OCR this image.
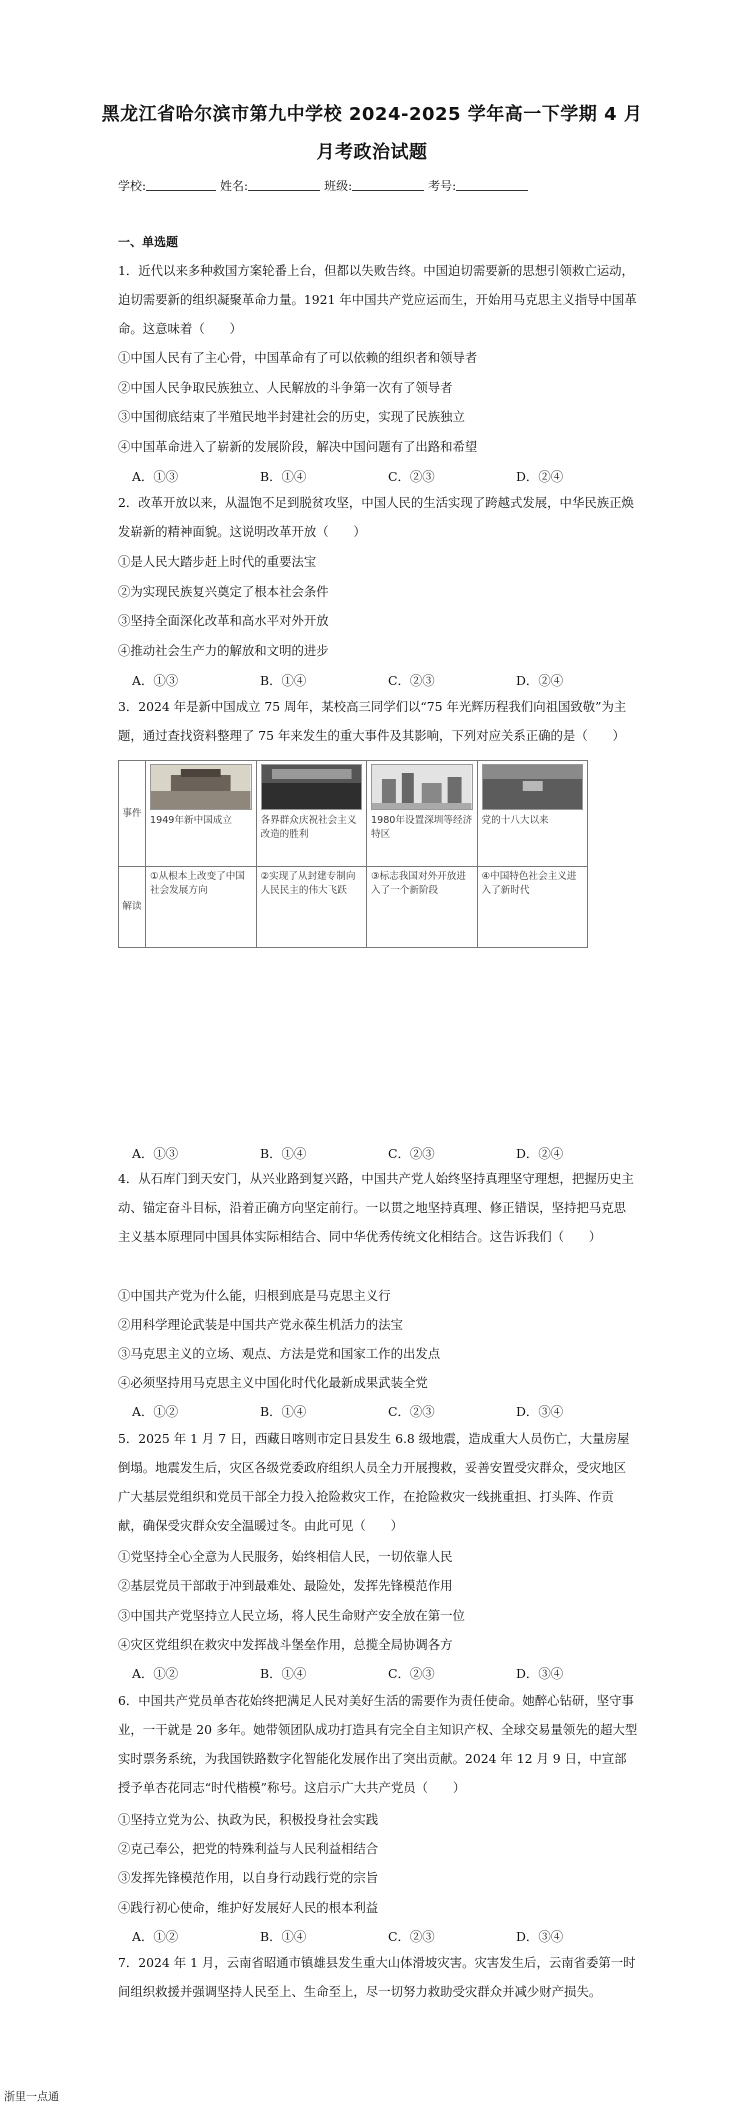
黑龙江省哈尔滨市第九中学校 2024-2025 学年高一下学期 4 月
月考政治试题
学校:	姓名:	班级:	考号:
一、单选题
1．近代以来多种救国方案轮番上台，但都以失败告终。中国迫切需要新的思想引领救亡运动，迫切需要新的组织凝聚革命力量。1921 年中国共产党应运而生，开始用马克思主义指导中国革命。这意味着（　　）
①中国人民有了主心骨，中国革命有了可以依赖的组织者和领导者
②中国人民争取民族独立、人民解放的斗争第一次有了领导者
③中国彻底结束了半殖民地半封建社会的历史，实现了民族独立
④中国革命进入了崭新的发展阶段，解决中国问题有了出路和希望
A．①③	B．①④	C．②③	D．②④
2．改革开放以来，从温饱不足到脱贫攻坚，中国人民的生活实现了跨越式发展，中华民族正焕发崭新的精神面貌。这说明改革开放（　　）
①是人民大踏步赶上时代的重要法宝
②为实现民族复兴奠定了根本社会条件
③坚持全面深化改革和高水平对外开放
④推动社会生产力的解放和文明的进步
A．①③	B．①④	C．②③	D．②④
3．2024 年是新中国成立 75 周年，某校高三同学们以“75 年光辉历程我们向祖国致敬”为主题，通过查找资料整理了 75 年来发生的重大事件及其影响，下列对应关系正确的是（　　）
事件	1949年新中国成立	各界群众庆祝社会主义改造的胜利	1980年设置深圳等经济特区	党的十八大以来

解读	①从根本上改变了中国社会发展方向	②实现了从封建专制向人民民主的伟大飞跃	③标志我国对外开放进入了一个新阶段	④中国特色社会主义进入了新时代
A．①③	B．①④	C．②③	D．②④
4．从石库门到天安门，从兴业路到复兴路，中国共产党人始终坚持真理坚守理想，把握历史主动、锚定奋斗目标，沿着正确方向坚定前行。一以贯之地坚持真理、修正错误，坚持把马克思主义基本原理同中国具体实际相结合、同中华优秀传统文化相结合。这告诉我们（　　）
①中国共产党为什么能，归根到底是马克思主义行
②用科学理论武装是中国共产党永葆生机活力的法宝
③马克思主义的立场、观点、方法是党和国家工作的出发点
④必须坚持用马克思主义中国化时代化最新成果武装全党
A．①②	B．①④	C．②③	D．③④
5．2025 年 1 月 7 日，西藏日喀则市定日县发生 6.8 级地震，造成重大人员伤亡，大量房屋倒塌。地震发生后，灾区各级党委政府组织人员全力开展搜救，妥善安置受灾群众，受灾地区广大基层党组织和党员干部全力投入抢险救灾工作，在抢险救灾一线挑重担、打头阵、作贡献，确保受灾群众安全温暖过冬。由此可见（　　）
①党坚持全心全意为人民服务，始终相信人民，一切依靠人民
②基层党员干部敢于冲到最难处、最险处，发挥先锋模范作用
③中国共产党坚持立人民立场，将人民生命财产安全放在第一位
④灾区党组织在救灾中发挥战斗堡垒作用，总揽全局协调各方
A．①②	B．①④	C．②③	D．③④
6．中国共产党员单杏花始终把满足人民对美好生活的需要作为责任使命。她醉心钻研，坚守事业，一干就是 20 多年。她带领团队成功打造具有完全自主知识产权、全球交易量领先的超大型实时票务系统，为我国铁路数字化智能化发展作出了突出贡献。2024 年 12 月 9 日，中宣部授予单杏花同志“时代楷模”称号。这启示广大共产党员（　　）
①坚持立党为公、执政为民，积极投身社会实践
②克己奉公，把党的特殊利益与人民利益相结合
③发挥先锋模范作用，以自身行动践行党的宗旨
④践行初心使命，维护好发展好人民的根本利益
A．①②	B．①④	C．②③	D．③④
7．2024 年 1 月，云南省昭通市镇雄县发生重大山体滑坡灾害。灾害发生后，云南省委第一时间组织救援并强调坚持人民至上、生命至上，尽一切努力救助受灾群众并减少财产损失。
浙里一点通
